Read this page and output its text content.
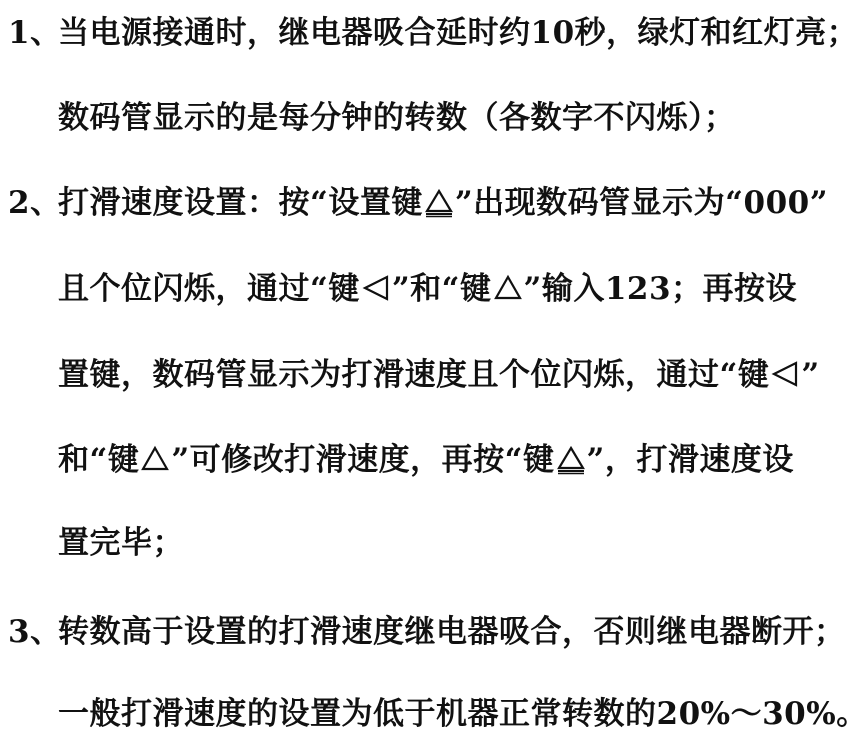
1、
当电源接通时，继电器吸合延时约10秒，绿灯和红灯亮；
数码管显示的是每分钟的转数（各数字不闪烁）；
2、
打滑速度设置：按“设置键 ”出现数码管显示为“000”
且个位闪烁，通过“键 ”和“键 ”输入123；再按设
置键，数码管显示为打滑速度且个位闪烁，通过“键 ”
和“键 ”可修改打滑速度，再按“键 ”，打滑速度设
置完毕；
3、
转数高于设置的打滑速度继电器吸合，否则继电器断开；
一般打滑速度的设置为低于机器正常转数的20%～30%。
